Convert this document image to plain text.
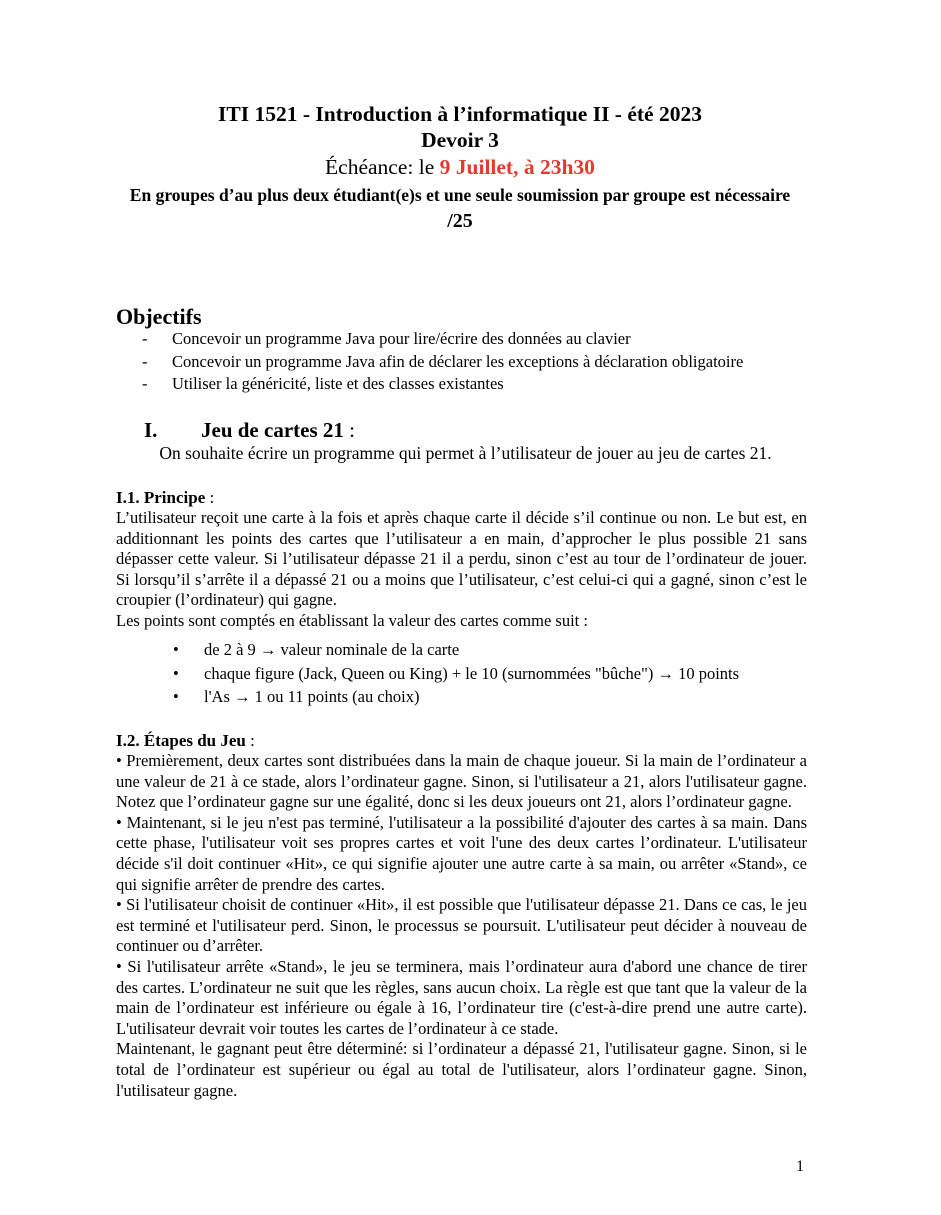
ITI 1521 - Introduction à l’informatique II - été 2023
Devoir 3
Échéance: le 9 Juillet, à 23h30
En groupes d’au plus deux étudiant(e)s et une seule soumission par groupe est nécessaire
/25
Objectifs
- Concevoir un programme Java pour lire/écrire des données au clavier
- Concevoir un programme Java afin de déclarer les exceptions à déclaration obligatoire
- Utiliser la généricité, liste et des classes existantes
I. Jeu de cartes 21 :
On souhaite écrire un programme qui permet à l’utilisateur de jouer au jeu de cartes 21.
I.1. Principe :

L’utilisateur reçoit une carte à la fois et après chaque carte il décide s’il continue ou non. Le but est, en additionnant les points des cartes que l’utilisateur a en main, d’approcher le plus possible 21 sans dépasser cette valeur. Si l’utilisateur dépasse 21 il a perdu, sinon c’est au tour de l’ordinateur de jouer. Si lorsqu’il s’arrête il a dépassé 21 ou a moins que l’utilisateur, c’est celui-ci qui a gagné, sinon c’est le croupier (l’ordinateur) qui gagne.

Les points sont comptés en établissant la valeur des cartes comme suit :

• de 2 à 9 → valeur nominale de la carte
• chaque figure (Jack, Queen ou King) + le 10 (surnommées "bûche") → 10 points
• l'As → 1 ou 11 points (au choix)
I.2. Étapes du Jeu :

• Premièrement, deux cartes sont distribuées dans la main de chaque joueur. Si la main de l’ordinateur a une valeur de 21 à ce stade, alors l’ordinateur gagne. Sinon, si l'utilisateur a 21, alors l'utilisateur gagne. Notez que l’ordinateur gagne sur une égalité, donc si les deux joueurs ont 21, alors l’ordinateur gagne.

• Maintenant, si le jeu n'est pas terminé, l'utilisateur a la possibilité d'ajouter des cartes à sa main. Dans cette phase, l'utilisateur voit ses propres cartes et voit l'une des deux cartes l’ordinateur. L'utilisateur décide s'il doit continuer «Hit», ce qui signifie ajouter une autre carte à sa main, ou arrêter «Stand», ce qui signifie arrêter de prendre des cartes.

• Si l'utilisateur choisit de continuer «Hit», il est possible que l'utilisateur dépasse 21. Dans ce cas, le jeu est terminé et l'utilisateur perd. Sinon, le processus se poursuit. L'utilisateur peut décider à nouveau de continuer ou d’arrêter.

• Si l'utilisateur arrête «Stand», le jeu se terminera, mais l’ordinateur aura d'abord une chance de tirer des cartes. L’ordinateur ne suit que les règles, sans aucun choix. La règle est que tant que la valeur de la main de l’ordinateur est inférieure ou égale à 16, l’ordinateur tire (c'est-à-dire prend une autre carte). L'utilisateur devrait voir toutes les cartes de l’ordinateur à ce stade.

Maintenant, le gagnant peut être déterminé: si l’ordinateur a dépassé 21, l'utilisateur gagne. Sinon, si le total de l’ordinateur est supérieur ou égal au total de l'utilisateur, alors l’ordinateur gagne. Sinon, l'utilisateur gagne.

1
